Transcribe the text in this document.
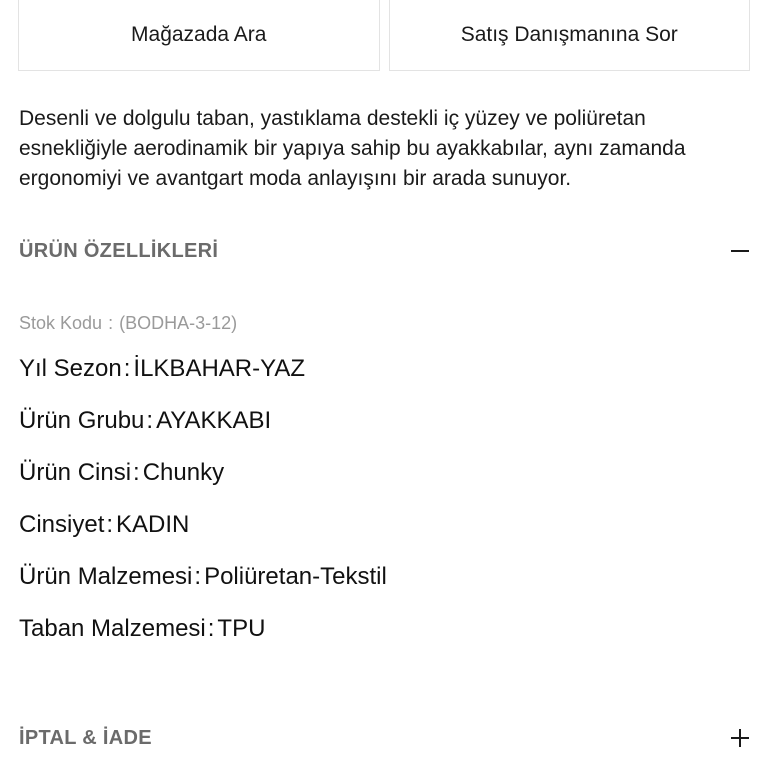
Mağazada Ara	Satış Danışmanına Sor

Desenli ve dolgulu taban, yastıklama destekli iç yüzey ve poliüretan esnekliğiyle aerodinamik bir yapıya sahip bu ayakkabılar, aynı zamanda ergonomiyi ve avantgart moda anlayışını bir arada sunuyor.

ÜRÜN ÖZELLİKLERİ
Stok Kodu : (BODHA-3-12)
Yıl Sezon : İLKBAHAR-YAZ
Ürün Grubu : AYAKKABI
Ürün Cinsi : Chunky
Cinsiyet : KADIN
Ürün Malzemesi : Poliüretan-Tekstil
Taban Malzemesi : TPU
İPTAL & İADE
